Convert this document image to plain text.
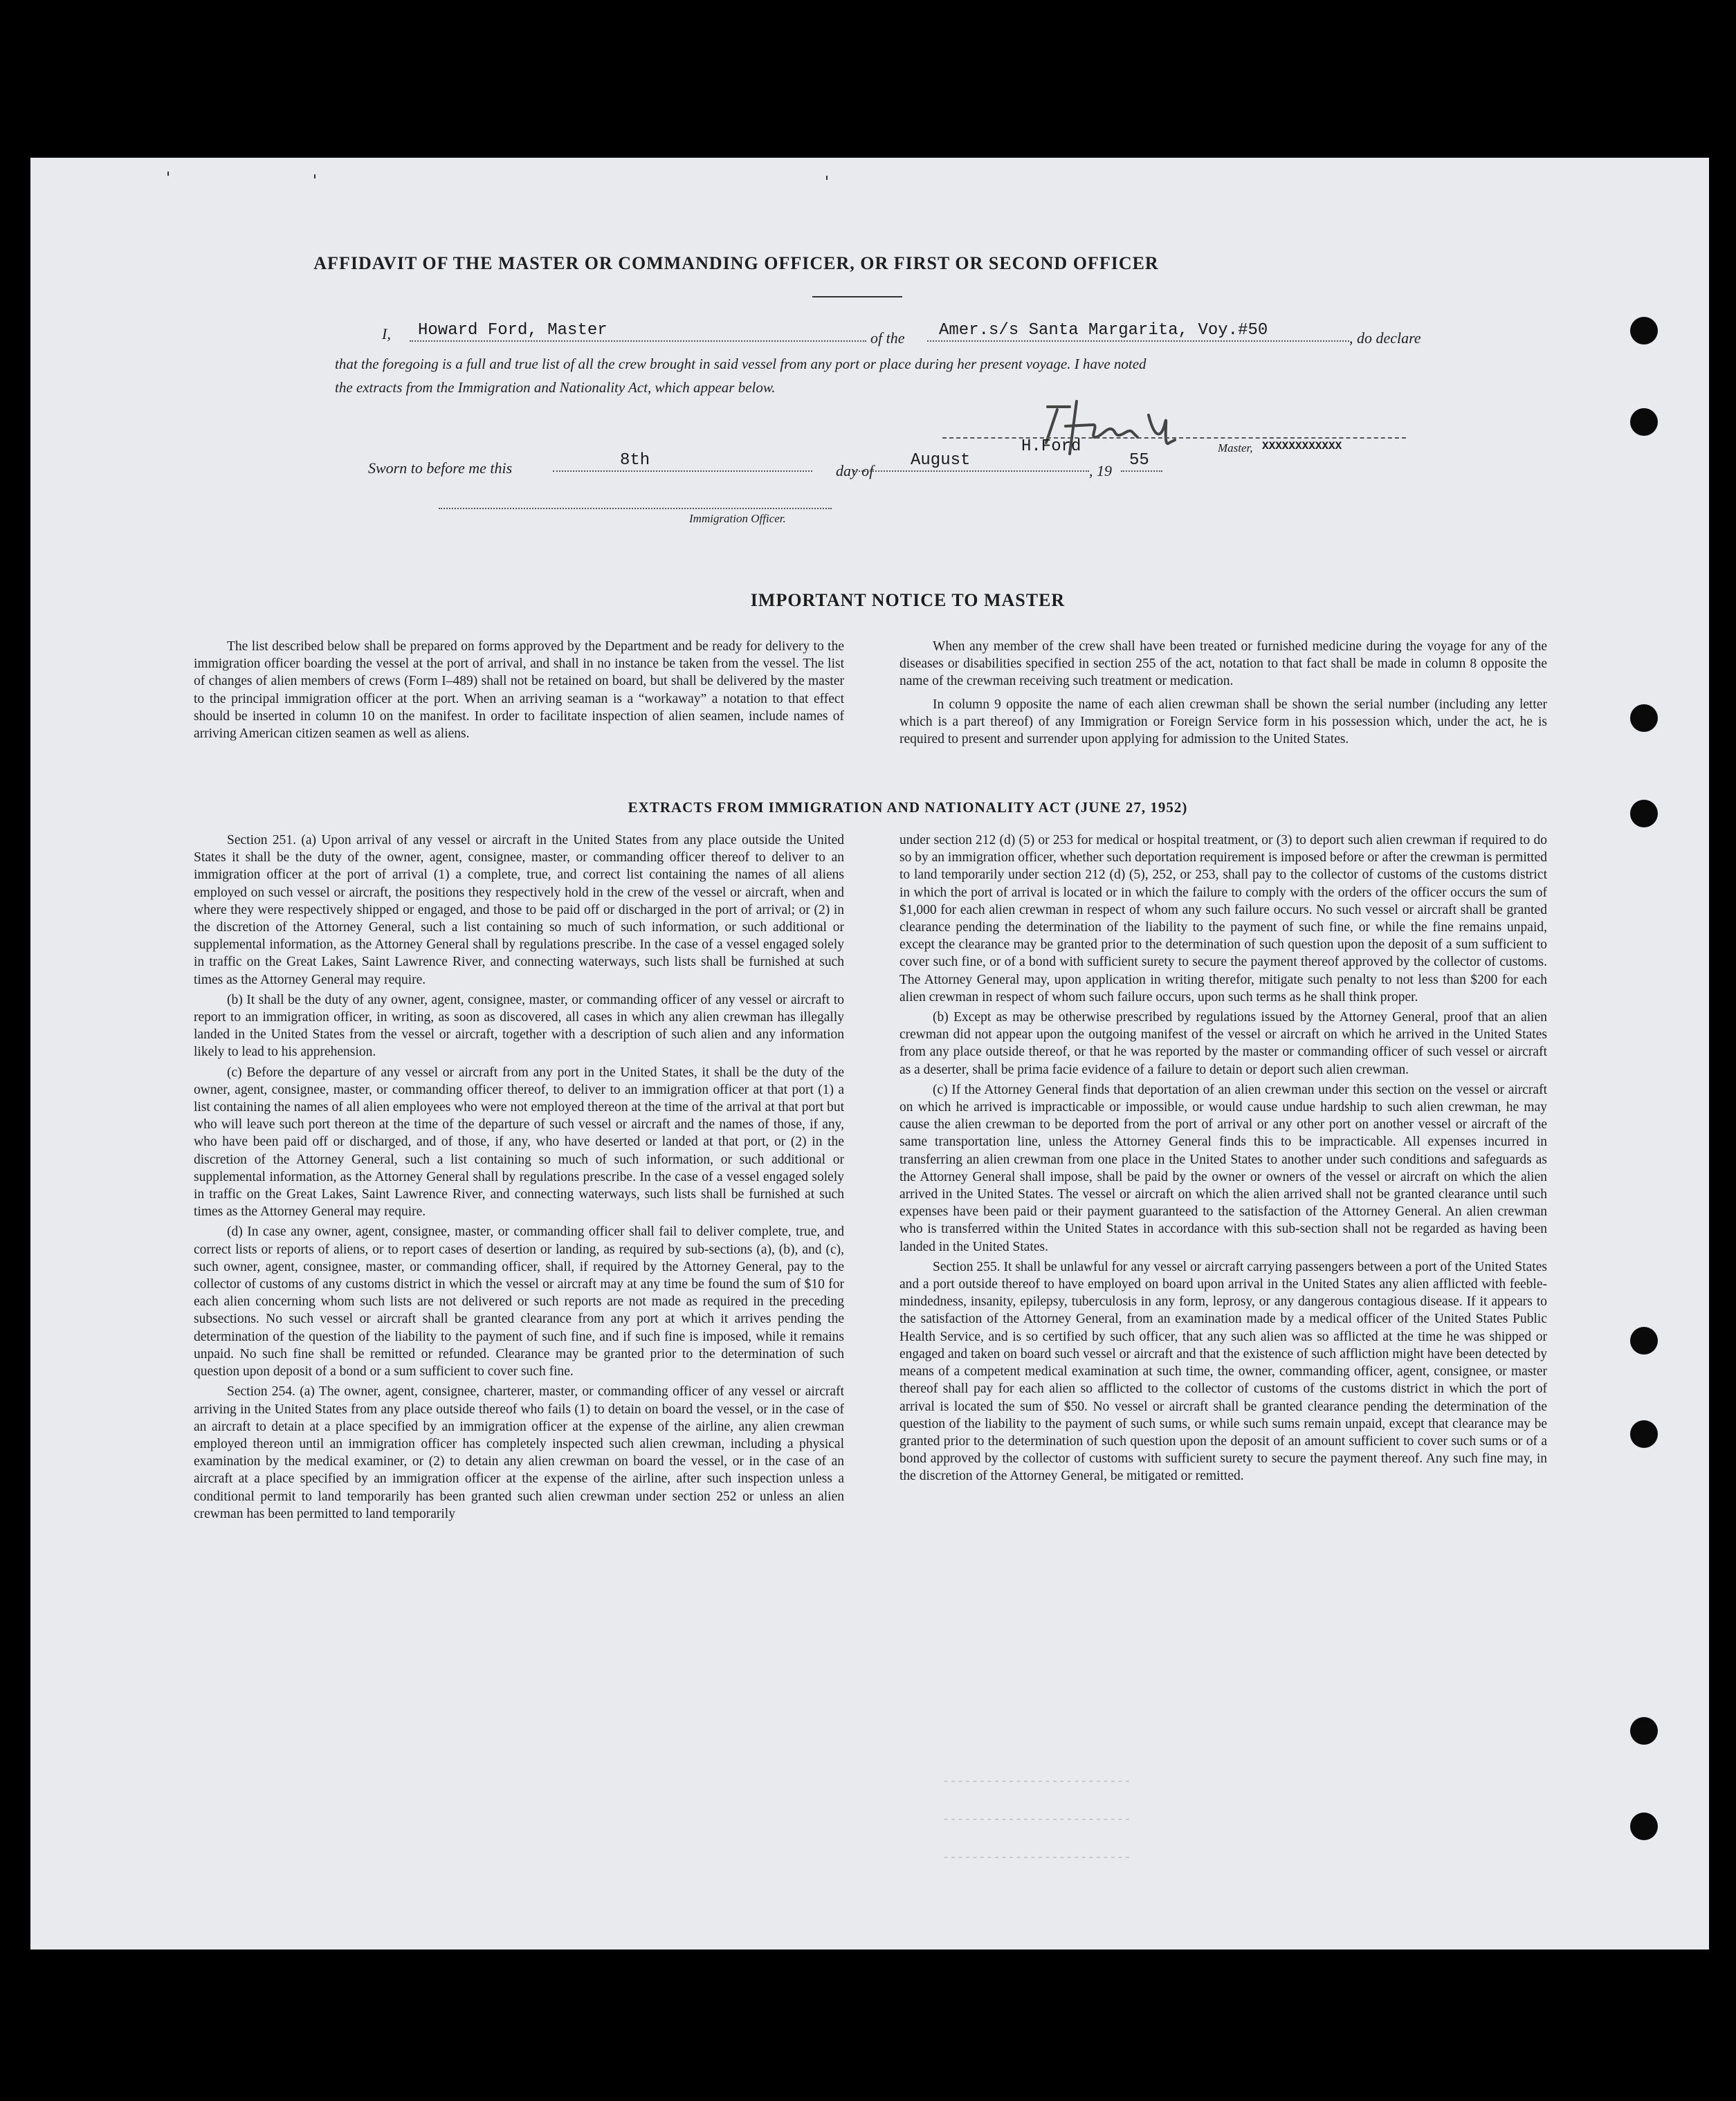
AFFIDAVIT OF THE MASTER OR COMMANDING OFFICER, OR FIRST OR SECOND OFFICER
I, Howard Ford, Master	of the Amer.s/s Santa Margarita, Voy.#50	, do declare
that the foregoing is a full and true list of all the crew brought in said vessel from any port or place during her present voyage. I have noted
the extracts from the Immigration and Nationality Act, which appear below.
Sworn to before me this	8th
day of
August
H.Ford
, 19
55
Master, XXXXXXXXXXXX
Immigration Officer.
IMPORTANT NOTICE TO MASTER

The list described below shall be prepared on forms approved by the Department and be ready for delivery to the immigration officer boarding the vessel at the port of arrival, and shall in no instance be taken from the vessel. The list of changes of alien members of crews (Form I–489) shall not be retained on board, but shall be delivered by the master to the principal immigration officer at the port. When an arriving seaman is a “workaway” a notation to that effect should be inserted in column 10 on the manifest. In order to facilitate inspection of alien seamen, include names of arriving American citizen seamen as well as aliens.

When any member of the crew shall have been treated or furnished medicine during the voyage for any of the diseases or disabilities specified in section 255 of the act, notation to that fact shall be made in column 8 opposite the name of the crewman receiving such treatment or medication.

In column 9 opposite the name of each alien crewman shall be shown the serial number (including any letter which is a part thereof) of any Immigration or Foreign Service form in his possession which, under the act, he is required to present and surrender upon applying for admission to the United States.

EXTRACTS FROM IMMIGRATION AND NATIONALITY ACT (JUNE 27, 1952)

Section 251. (a) Upon arrival of any vessel or aircraft in the United States from any place outside the United States it shall be the duty of the owner, agent, consignee, master, or commanding officer thereof to deliver to an immigration officer at the port of arrival (1) a complete, true, and correct list containing the names of all aliens employed on such vessel or aircraft, the positions they respectively hold in the crew of the vessel or aircraft, when and where they were respectively shipped or engaged, and those to be paid off or discharged in the port of arrival; or (2) in the discretion of the Attorney General, such a list containing so much of such information, or such additional or supplemental information, as the Attorney General shall by regulations prescribe. In the case of a vessel engaged solely in traffic on the Great Lakes, Saint Lawrence River, and connecting waterways, such lists shall be furnished at such times as the Attorney General may require.

(b) It shall be the duty of any owner, agent, consignee, master, or commanding officer of any vessel or aircraft to report to an immigration officer, in writing, as soon as discovered, all cases in which any alien crewman has illegally landed in the United States from the vessel or aircraft, together with a description of such alien and any information likely to lead to his apprehension.

(c) Before the departure of any vessel or aircraft from any port in the United States, it shall be the duty of the owner, agent, consignee, master, or commanding officer thereof, to deliver to an immigration officer at that port (1) a list containing the names of all alien employees who were not employed thereon at the time of the arrival at that port but who will leave such port thereon at the time of the departure of such vessel or aircraft and the names of those, if any, who have been paid off or discharged, and of those, if any, who have deserted or landed at that port, or (2) in the discretion of the Attorney General, such a list containing so much of such information, or such additional or supplemental information, as the Attorney General shall by regulations prescribe. In the case of a vessel engaged solely in traffic on the Great Lakes, Saint Lawrence River, and connecting waterways, such lists shall be furnished at such times as the Attorney General may require.

(d) In case any owner, agent, consignee, master, or commanding officer shall fail to deliver complete, true, and correct lists or reports of aliens, or to report cases of desertion or landing, as required by sub-sections (a), (b), and (c), such owner, agent, consignee, master, or commanding officer, shall, if required by the Attorney General, pay to the collector of customs of any customs district in which the vessel or aircraft may at any time be found the sum of $10 for each alien concerning whom such lists are not delivered or such reports are not made as required in the preceding subsections. No such vessel or aircraft shall be granted clearance from any port at which it arrives pending the determination of the question of the liability to the payment of such fine, and if such fine is imposed, while it remains unpaid. No such fine shall be remitted or refunded. Clearance may be granted prior to the determination of such question upon deposit of a bond or a sum sufficient to cover such fine.

Section 254. (a) The owner, agent, consignee, charterer, master, or commanding officer of any vessel or aircraft arriving in the United States from any place outside thereof who fails (1) to detain on board the vessel, or in the case of an aircraft to detain at a place specified by an immigration officer at the expense of the airline, any alien crewman employed thereon until an immigration officer has completely inspected such alien crewman, including a physical examination by the medical examiner, or (2) to detain any alien crewman on board the vessel, or in the case of an aircraft at a place specified by an immigration officer at the expense of the airline, after such inspection unless a conditional permit to land temporarily has been granted such alien crewman under section 252 or unless an alien crewman has been permitted to land temporarily

under section 212 (d) (5) or 253 for medical or hospital treatment, or (3) to deport such alien crewman if required to do so by an immigration officer, whether such deportation requirement is imposed before or after the crewman is permitted to land temporarily under section 212 (d) (5), 252, or 253, shall pay to the collector of customs of the customs district in which the port of arrival is located or in which the failure to comply with the orders of the officer occurs the sum of $1,000 for each alien crewman in respect of whom any such failure occurs. No such vessel or aircraft shall be granted clearance pending the determination of the liability to the payment of such fine, or while the fine remains unpaid, except the clearance may be granted prior to the determination of such question upon the deposit of a sum sufficient to cover such fine, or of a bond with sufficient surety to secure the payment thereof approved by the collector of customs. The Attorney General may, upon application in writing therefor, mitigate such penalty to not less than $200 for each alien crewman in respect of whom such failure occurs, upon such terms as he shall think proper.

(b) Except as may be otherwise prescribed by regulations issued by the Attorney General, proof that an alien crewman did not appear upon the outgoing manifest of the vessel or aircraft on which he arrived in the United States from any place outside thereof, or that he was reported by the master or commanding officer of such vessel or aircraft as a deserter, shall be prima facie evidence of a failure to detain or deport such alien crewman.

(c) If the Attorney General finds that deportation of an alien crewman under this section on the vessel or aircraft on which he arrived is impracticable or impossible, or would cause undue hardship to such alien crewman, he may cause the alien crewman to be deported from the port of arrival or any other port on another vessel or aircraft of the same transportation line, unless the Attorney General finds this to be impracticable. All expenses incurred in transferring an alien crewman from one place in the United States to another under such conditions and safeguards as the Attorney General shall impose, shall be paid by the owner or owners of the vessel or aircraft on which the alien arrived in the United States. The vessel or aircraft on which the alien arrived shall not be granted clearance until such expenses have been paid or their payment guaranteed to the satisfaction of the Attorney General. An alien crewman who is transferred within the United States in accordance with this sub-section shall not be regarded as having been landed in the United States.

Section 255. It shall be unlawful for any vessel or aircraft carrying passengers between a port of the United States and a port outside thereof to have employed on board upon arrival in the United States any alien afflicted with feeble-mindedness, insanity, epilepsy, tuberculosis in any form, leprosy, or any dangerous contagious disease. If it appears to the satisfaction of the Attorney General, from an examination made by a medical officer of the United States Public Health Service, and is so certified by such officer, that any such alien was so afflicted at the time he was shipped or engaged and taken on board such vessel or aircraft and that the existence of such affliction might have been detected by means of a competent medical examination at such time, the owner, commanding officer, agent, consignee, or master thereof shall pay for each alien so afflicted to the collector of customs of the customs district in which the port of arrival is located the sum of $50. No vessel or aircraft shall be granted clearance pending the determination of the question of the liability to the payment of such sums, or while such sums remain unpaid, except that clearance may be granted prior to the determination of such question upon the deposit of an amount sufficient to cover such sums or of a bond approved by the collector of customs with sufficient surety to secure the payment thereof. Any such fine may, in the discretion of the Attorney General, be mitigated or remitted.

- - - - - - - - - - - - - - - - - - - - - - - - - -
- - - - - - - - - - - - - - - - - - - - - - - - - -
- - - - - - - - - - - - - - - - - - - - - - - - - -
